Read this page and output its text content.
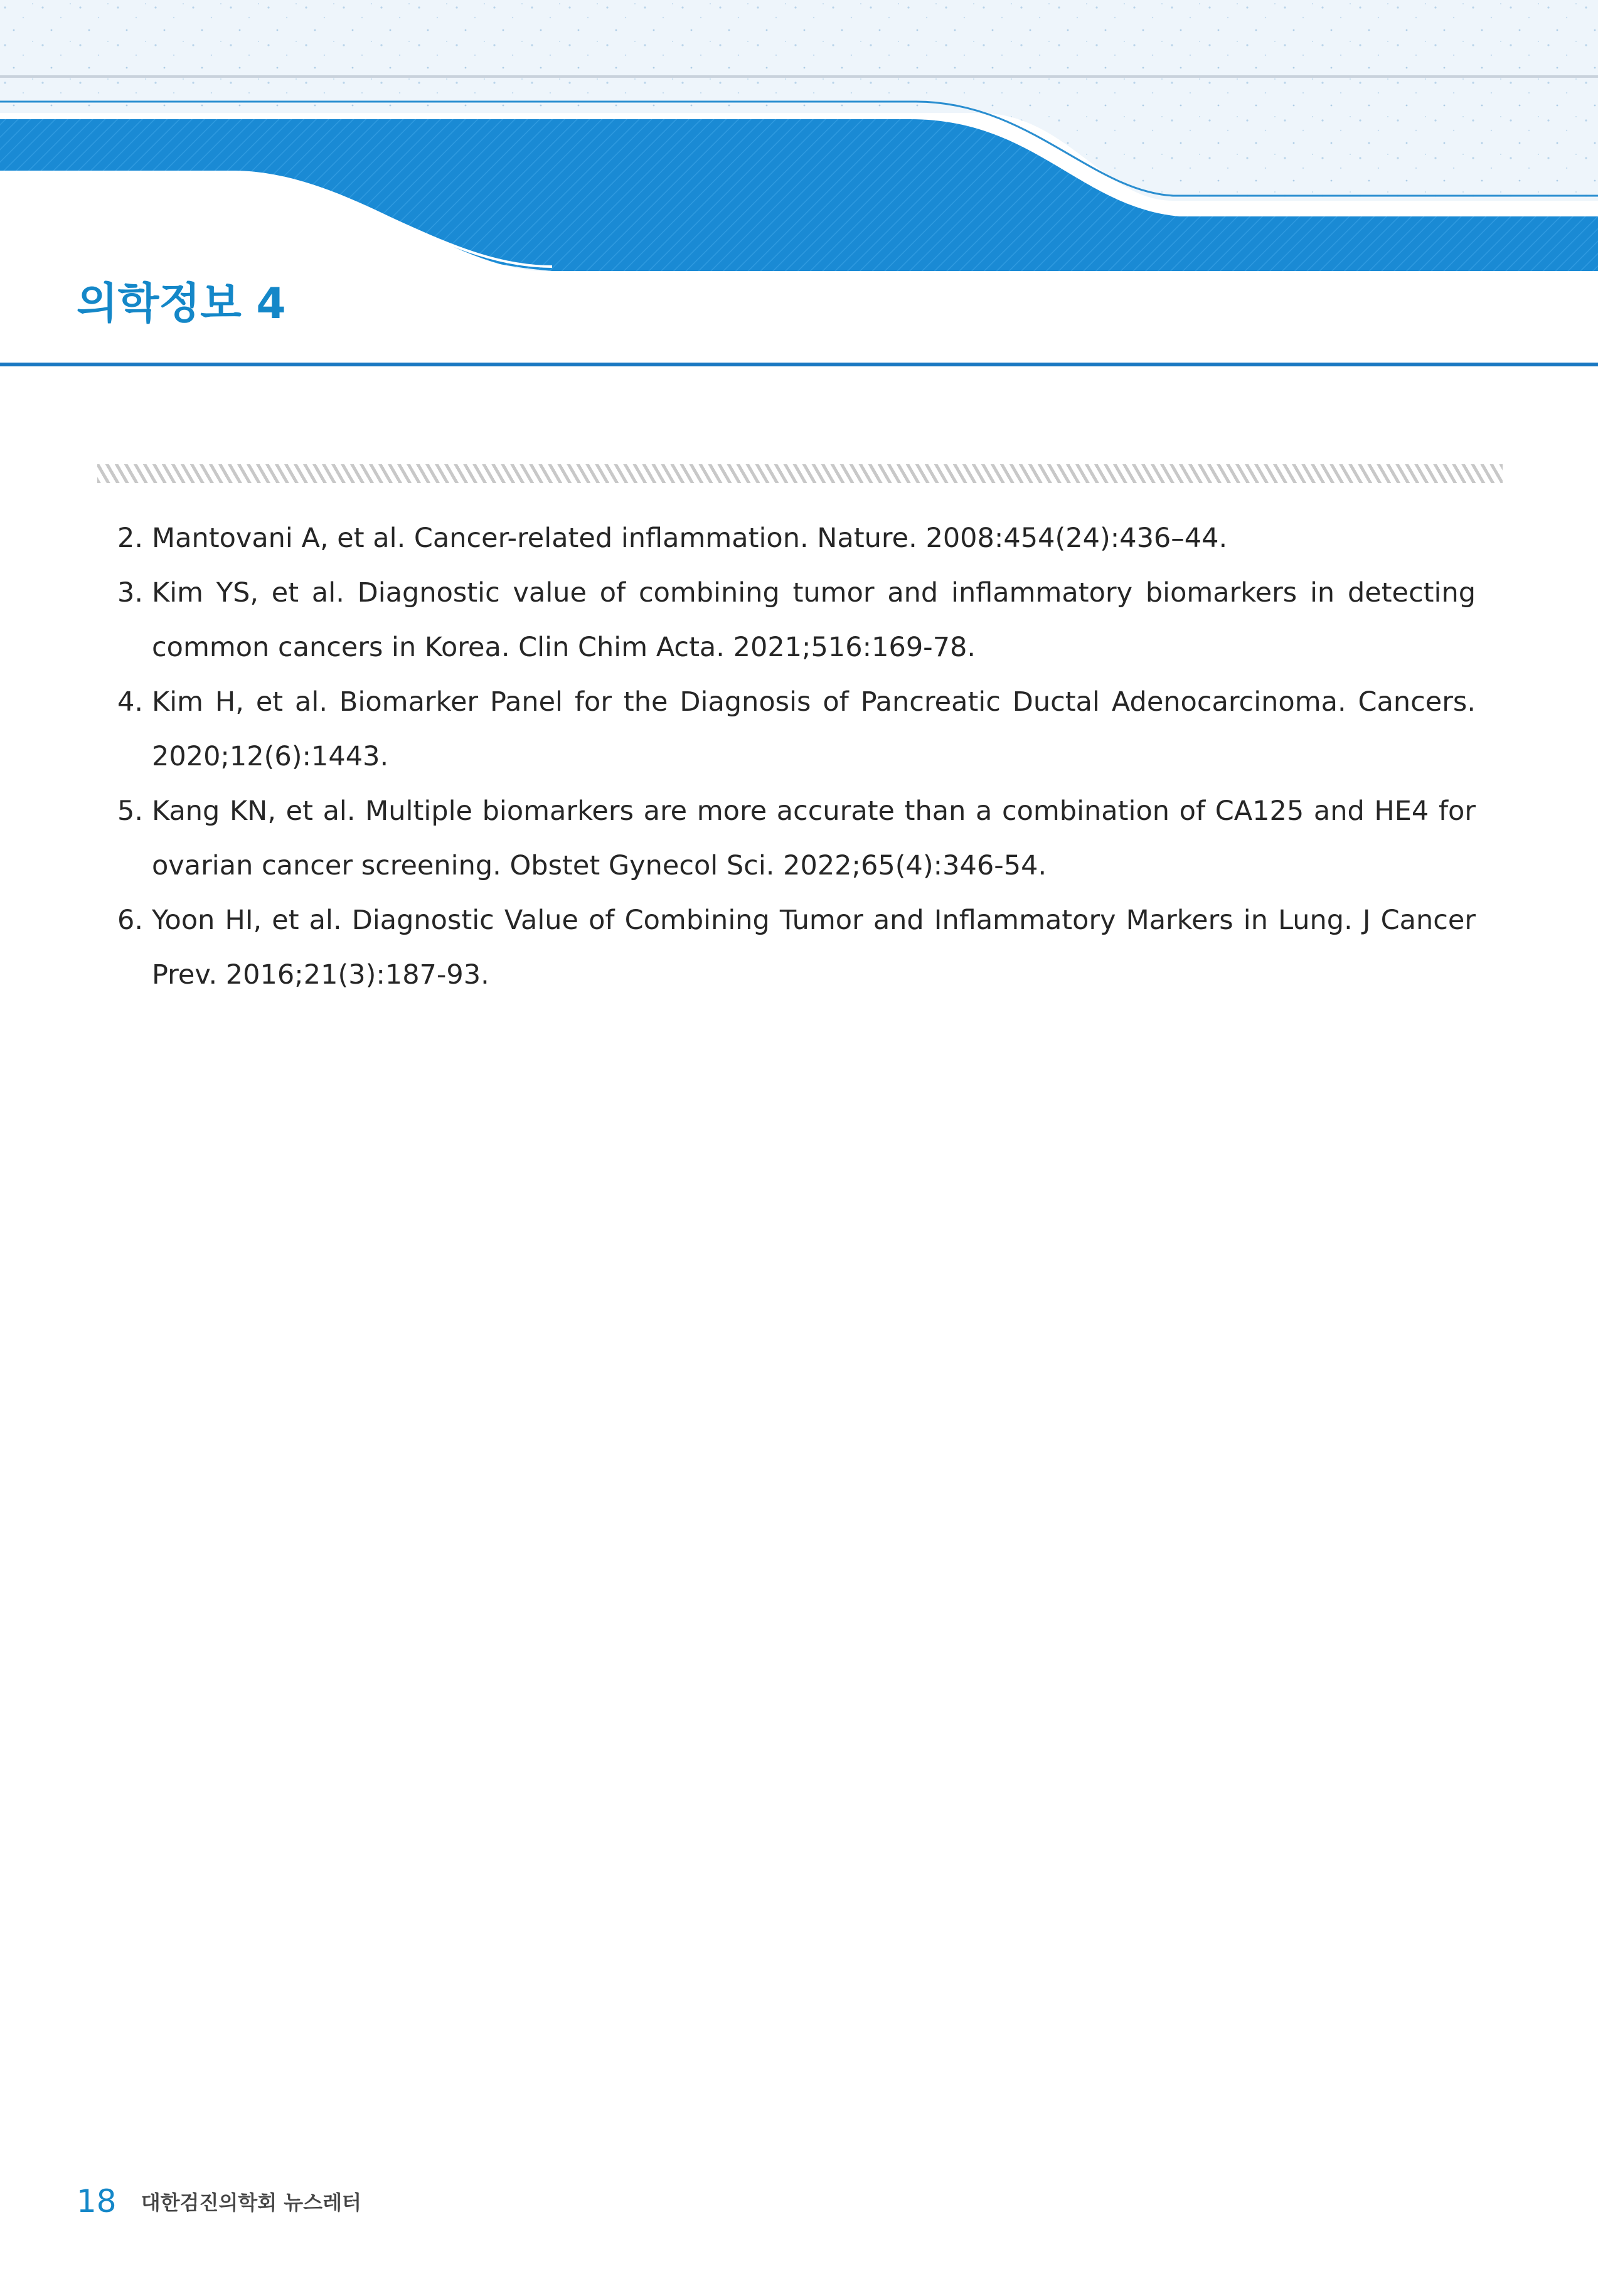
의학정보 4
2. Mantovani A, et al. Cancer-related inflammation. Nature. 2008:454(24):436–44.
3. Kim YS, et al. Diagnostic value of combining tumor and inflammatory biomarkers in detecting common cancers in Korea. Clin Chim Acta. 2021;516:169-78.
4. Kim H, et al. Biomarker Panel for the Diagnosis of Pancreatic Ductal Adenocarcinoma. Cancers. 2020;12(6):1443.
5. Kang KN, et al. Multiple biomarkers are more accurate than a combination of CA125 and HE4 for ovarian cancer screening. Obstet Gynecol Sci. 2022;65(4):346-54.
6. Yoon HI, et al. Diagnostic Value of Combining Tumor and Inflammatory Markers in Lung. J Cancer Prev. 2016;21(3):187-93.
18 대한검진의학회 뉴스레터
